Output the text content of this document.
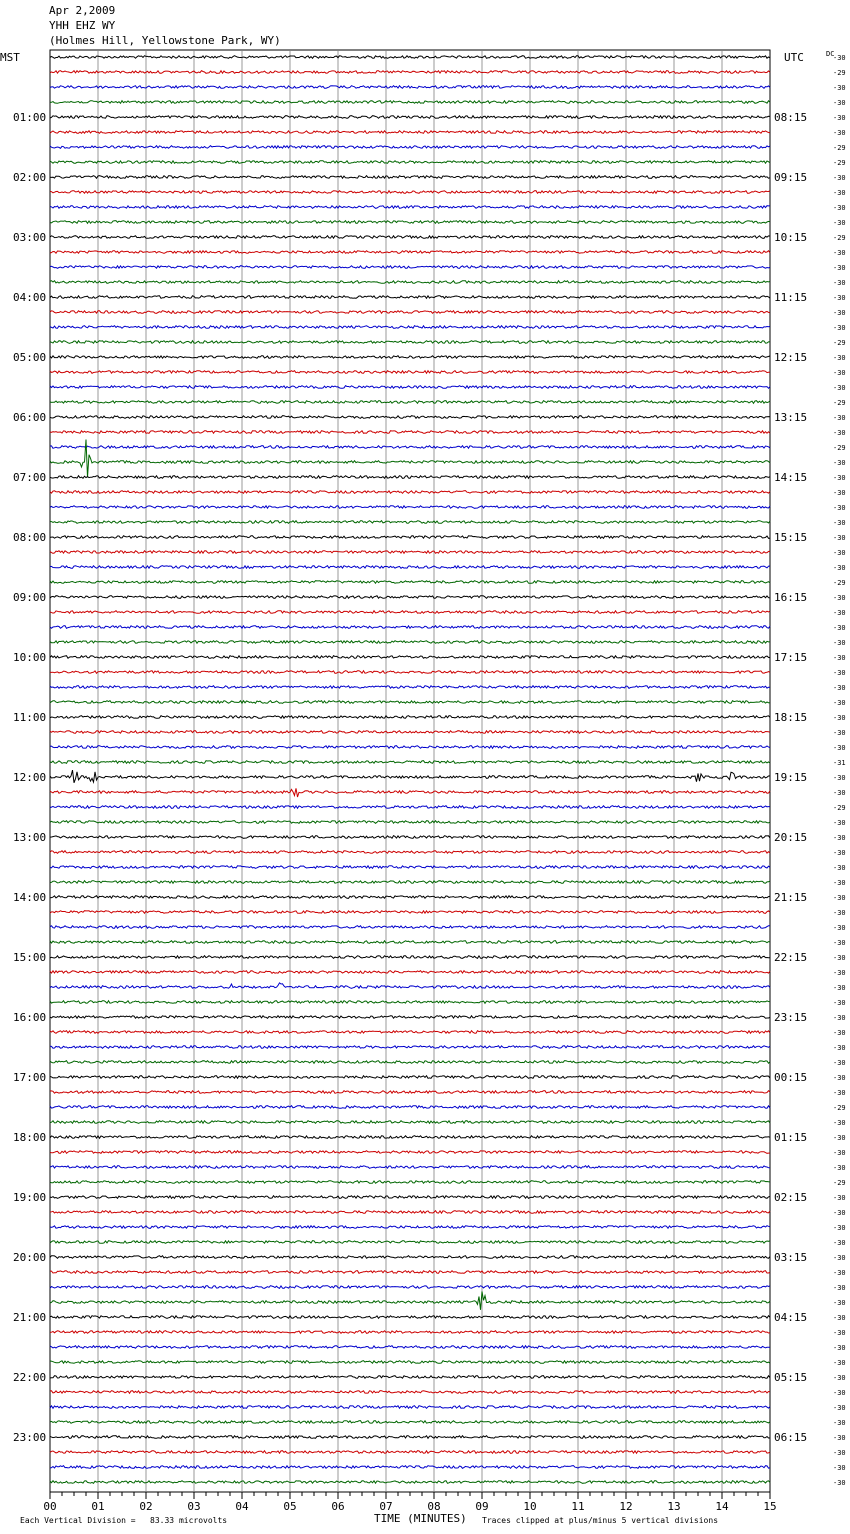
Apr 2,2009
YHH EHZ WY
(Holmes Hill, Yellowstone Park, WY)
MST	UTC	DC
-30
-29
-30
-30
-30
-30
-29
-29
-30
-30
-30
-30
-29
-30
-30
-30
-30
-30
-30
-29
-30
-30
-30
-29
-30
-30
-29
-30
-30
-30
-30
-30
-30
-30
-30
-29
-30
-30
-30
-30
-30
-30
-30
-30
-30
-30
-30
-31
-30
-30
-29
-30
-30
-30
-30
-30
-30
-30
-30
-30
-30
-30
-30
-30
-30
-30
-30
-30
-30
-30
-29
-30
-30
-30
-30
-29
-30
-30
-30
-30
-30
-30
-30
-30
-30
-30
-30
-30
-30
-30
-30
-30
-30
-30
-30
-30
01:00
02:00
03:00
04:00
05:00
06:00
07:00
08:00
09:00
10:00
11:00
12:00
13:00
14:00
15:00
16:00
17:00
18:00
19:00
20:00
21:00
22:00
23:00
08:15
09:15
10:15
11:15
12:15
13:15
14:15
15:15
16:15
17:15
18:15
19:15
20:15
21:15
22:15
23:15
00:15
01:15
02:15
03:15
04:15
05:15
06:15
00	01	02	03	04	05	06	07	08	09	10	11	12	13	14	15
Each Vertical Division =   83.33 microvolts	TIME (MINUTES) Traces clipped at plus/minus 5 vertical divisions
